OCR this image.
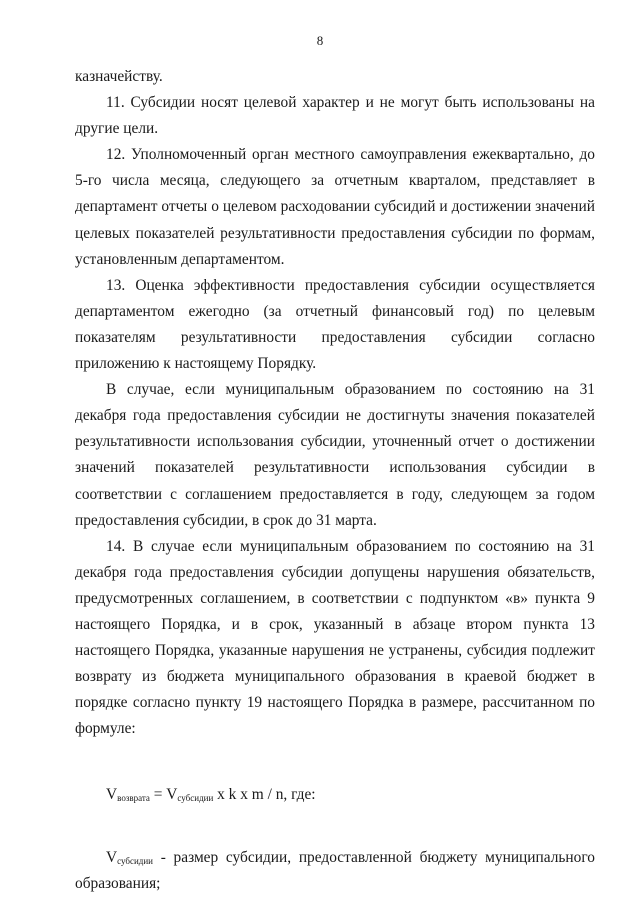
8

казначейству.

11. Субсидии носят целевой характер и не могут быть использованы на другие цели.

12. Уполномоченный орган местного самоуправления ежеквартально, до 5-го числа месяца, следующего за отчетным кварталом, представляет в департамент отчеты о целевом расходовании субсидий и достижении значений целевых показателей результативности предоставления субсидии по формам, установленным департаментом.

13. Оценка эффективности предоставления субсидии осуществляется департаментом ежегодно (за отчетный финансовый год) по целевым показателям результативности предоставления субсидии согласно приложению к настоящему Порядку.

В случае, если муниципальным образованием по состоянию на 31 декабря года предоставления субсидии не достигнуты значения показателей результативности использования субсидии, уточненный отчет о достижении значений показателей результативности использования субсидии в соответствии с соглашением предоставляется в году, следующем за годом предоставления субсидии, в срок до 31 марта.

14. В случае если муниципальным образованием по состоянию на 31 декабря года предоставления субсидии допущены нарушения обязательств, предусмотренных соглашением, в соответствии с подпунктом «в» пункта 9 настоящего Порядка, и в срок, указанный в абзаце втором пункта 13 настоящего Порядка, указанные нарушения не устранены, субсидия подлежит возврату из бюджета муниципального образования в краевой бюджет в порядке согласно пункту 19 настоящего Порядка в размере, рассчитанном по формуле:

$V_{возврата} = V_{субсидии}$ x k x m / n, где:

$V_{субсидии}$ - размер субсидии, предоставленной бюджету муниципального образования;
